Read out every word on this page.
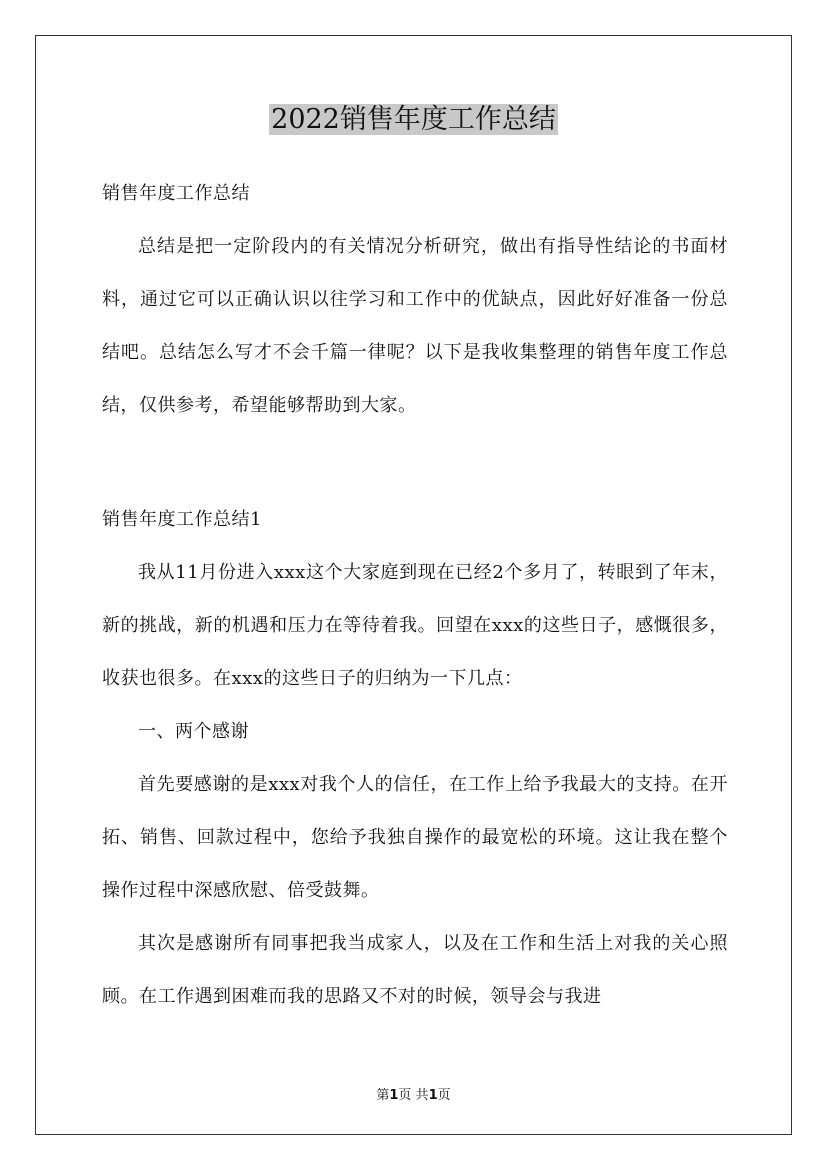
2022销售年度工作总结

销售年度工作总结

总结是把一定阶段内的有关情况分析研究，做出有指导性结论的书面材料，通过它可以正确认识以往学习和工作中的优缺点，因此好好准备一份总结吧。总结怎么写才不会千篇一律呢？以下是我收集整理的销售年度工作总结，仅供参考，希望能够帮助到大家。

销售年度工作总结1

我从11月份进入xxx这个大家庭到现在已经2个多月了，转眼到了年末，新的挑战，新的机遇和压力在等待着我。回望在xxx的这些日子，感慨很多，收获也很多。在xxx的这些日子的归纳为一下几点：

一、两个感谢

首先要感谢的是xxx对我个人的信任，在工作上给予我最大的支持。在开拓、销售、回款过程中，您给予我独自操作的最宽松的环境。这让我在整个操作过程中深感欣慰、倍受鼓舞。

其次是感谢所有同事把我当成家人，以及在工作和生活上对我的关心照顾。在工作遇到困难而我的思路又不对的时候，领导会与我进

第1页 共1页
